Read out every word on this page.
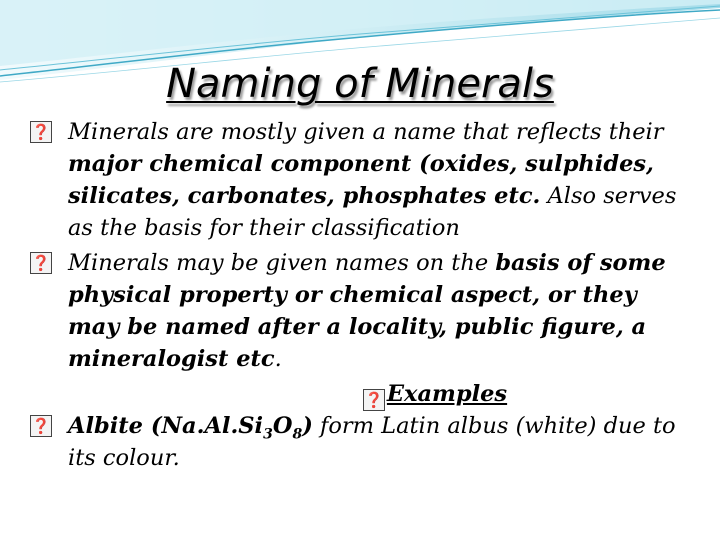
Naming of Minerals
❓ Minerals are mostly given a name that reflects their major chemical component (oxides, sulphides, silicates, carbonates, phosphates etc. Also serves as the basis for their classification
❓ Minerals may be given names on the basis of some physical property or chemical aspect, or they may be named after a locality, public figure, a mineralogist etc.
❓ Examples
❓ Albite $(Na.Al.Si_3O_8)$ form Latin albus (white) due to its colour.
